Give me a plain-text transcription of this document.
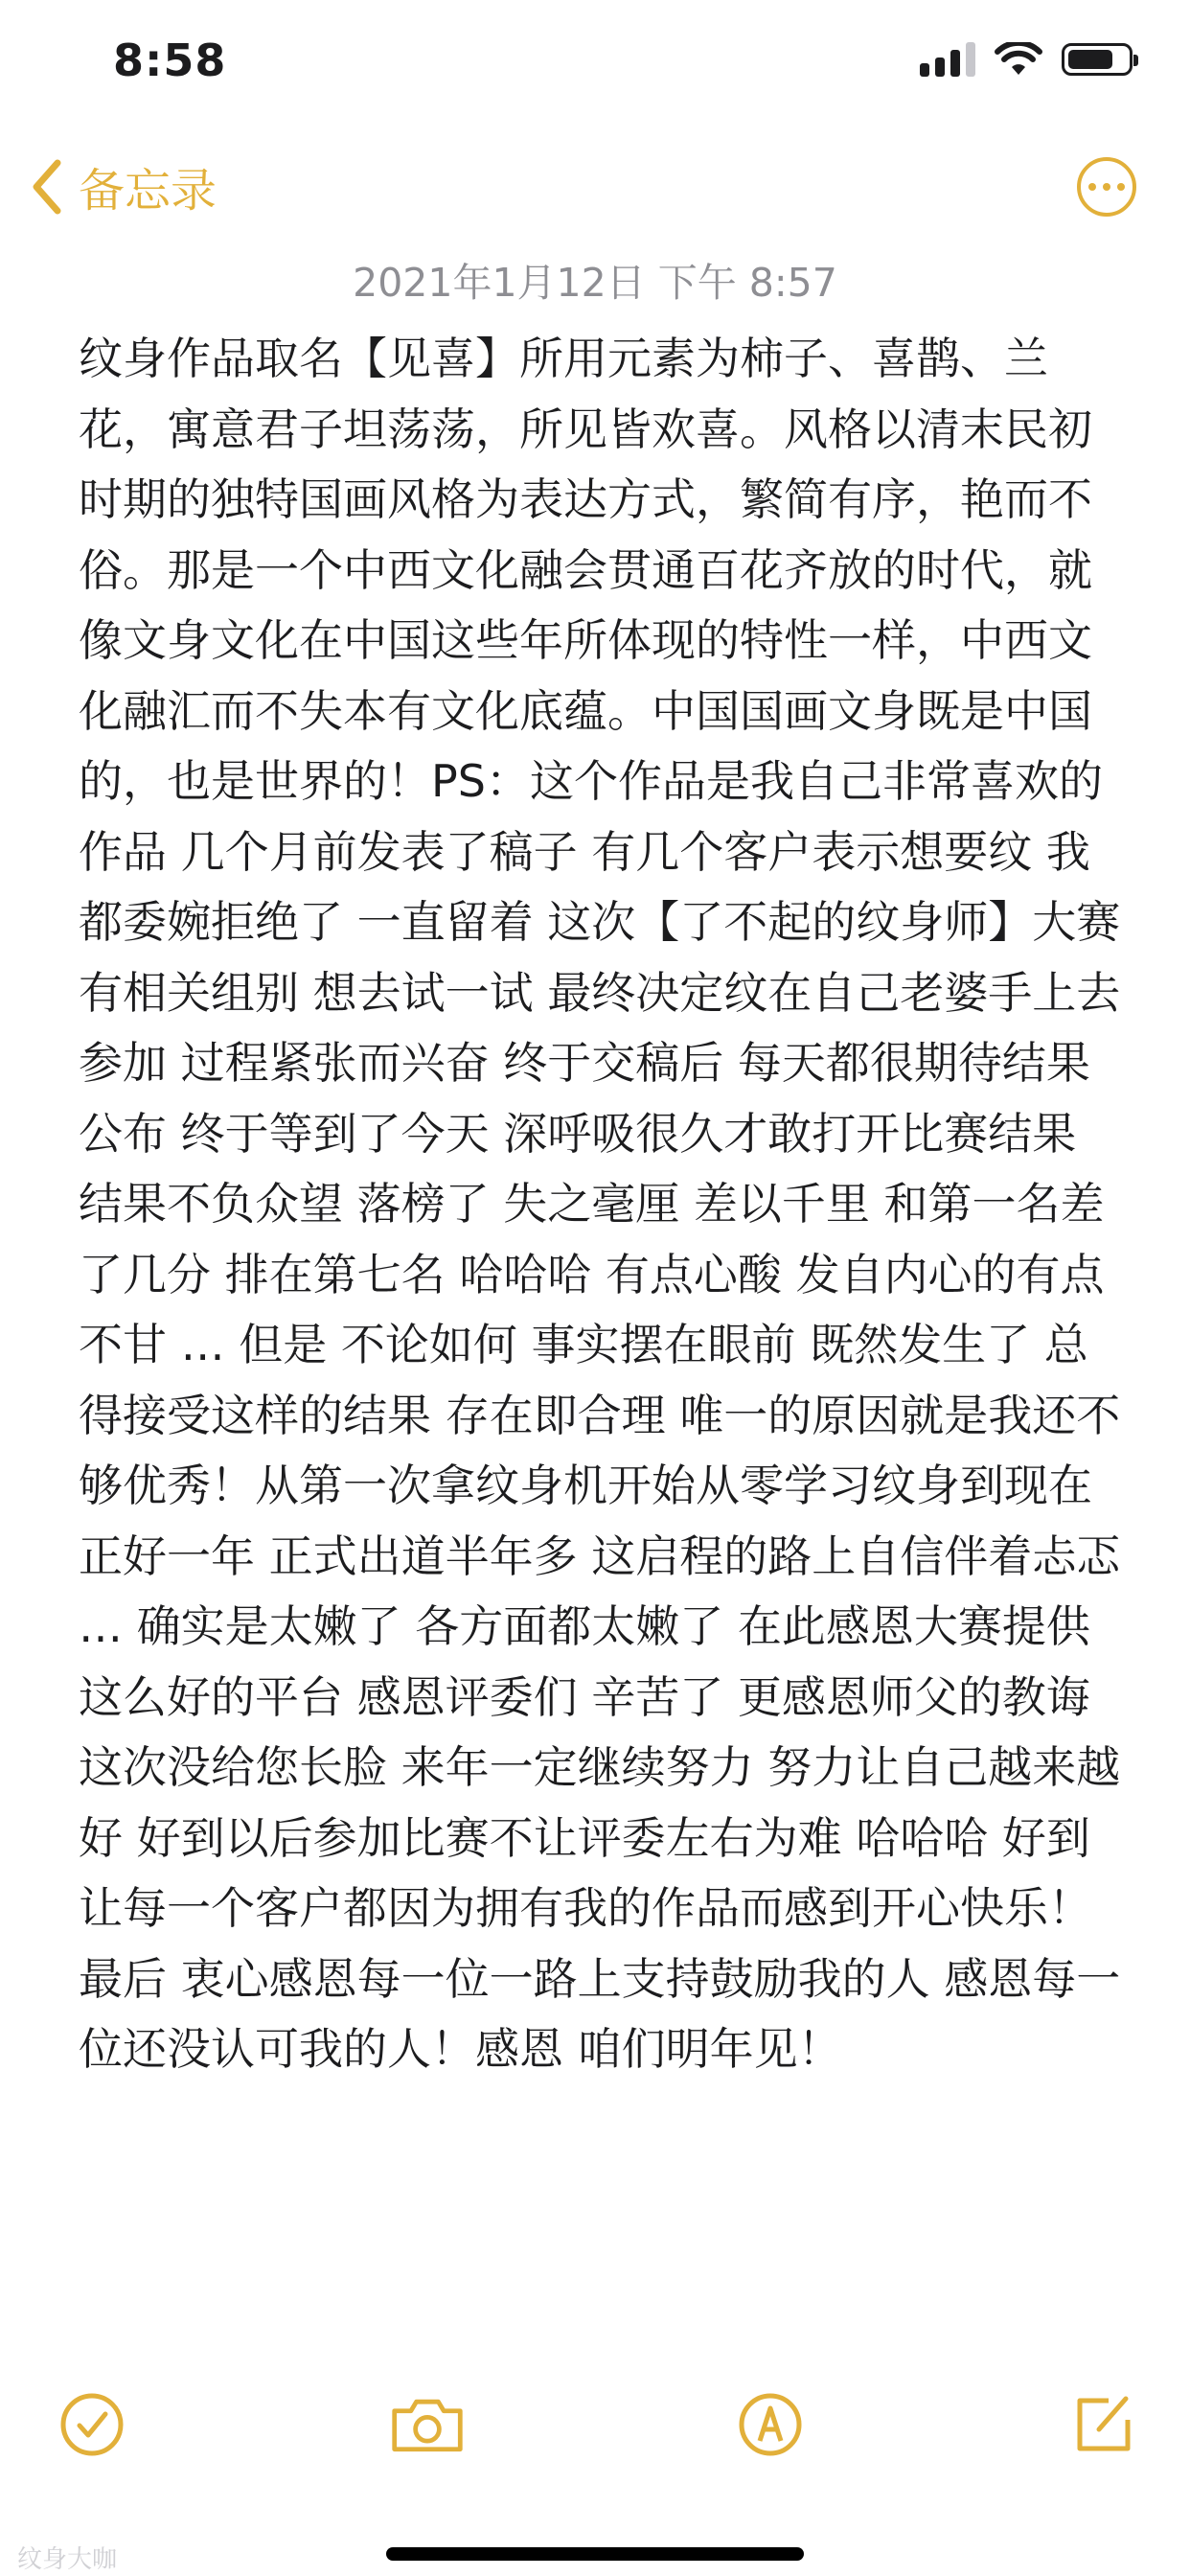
8:58
备忘录
2021年1月12日 下午 8:57
纹身作品取名【见喜】所用元素为柿子、喜鹊、兰花，寓意君子坦荡荡，所见皆欢喜。风格以清末民初时期的独特国画风格为表达方式，繁简有序，艳而不俗。那是一个中西文化融会贯通百花齐放的时代，就像文身文化在中国这些年所体现的特性一样，中西文化融汇而不失本有文化底蕴。中国国画文身既是中国的，也是世界的！PS：这个作品是我自己非常喜欢的作品 几个月前发表了稿子 有几个客户表示想要纹 我都委婉拒绝了 一直留着 这次【了不起的纹身师】大赛 有相关组别 想去试一试 最终决定纹在自己老婆手上去参加 过程紧张而兴奋 终于交稿后 每天都很期待结果公布 终于等到了今天 深呼吸很久才敢打开比赛结果 结果不负众望 落榜了 失之毫厘 差以千里 和第一名差了几分 排在第七名 哈哈哈 有点心酸 发自内心的有点不甘 … 但是 不论如何 事实摆在眼前 既然发生了 总得接受这样的结果 存在即合理 唯一的原因就是我还不够优秀！从第一次拿纹身机开始从零学习纹身到现在正好一年 正式出道半年多 这启程的路上自信伴着忐忑 … 确实是太嫩了 各方面都太嫩了 在此感恩大赛提供这么好的平台 感恩评委们 辛苦了 更感恩师父的教诲 这次没给您长脸 来年一定继续努力 努力让自己越来越好 好到以后参加比赛不让评委左右为难 哈哈哈 好到让每一个客户都因为拥有我的作品而感到开心快乐！ 最后 衷心感恩每一位一路上支持鼓励我的人 感恩每一位还没认可我的人！感恩 咱们明年见！
纹身大咖
